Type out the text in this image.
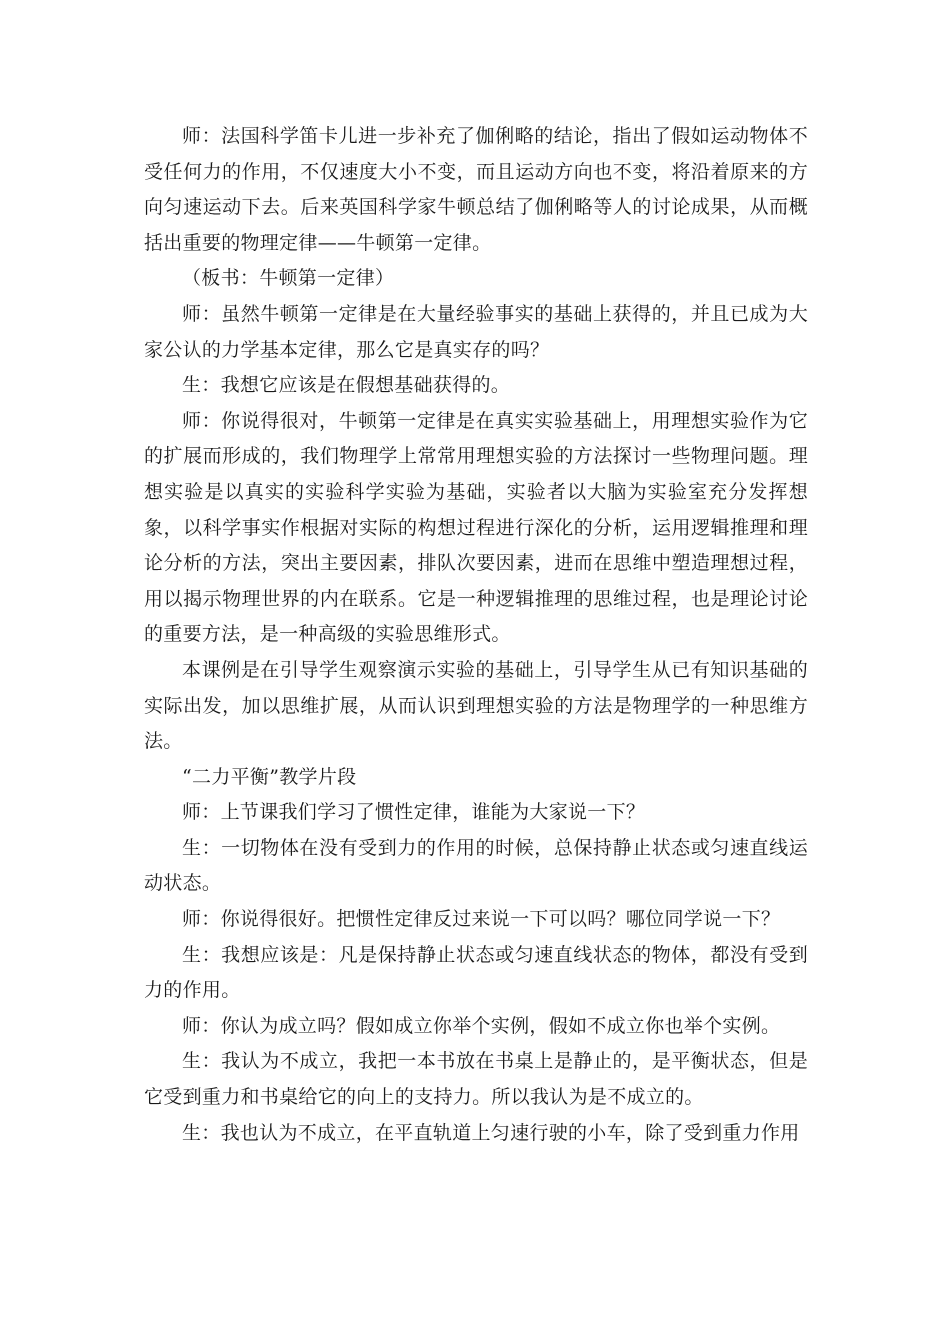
师：法国科学笛卡儿进一步补充了伽俐略的结论，指出了假如运动物体不受任何力的作用，不仅速度大小不变，而且运动方向也不变，将沿着原来的方向匀速运动下去。后来英国科学家牛顿总结了伽俐略等人的讨论成果，从而概括出重要的物理定律——牛顿第一定律。

（板书：牛顿第一定律）

师：虽然牛顿第一定律是在大量经验事实的基础上获得的，并且已成为大家公认的力学基本定律，那么它是真实存的吗？

生：我想它应该是在假想基础获得的。

师：你说得很对，牛顿第一定律是在真实实验基础上，用理想实验作为它的扩展而形成的，我们物理学上常常用理想实验的方法探讨一些物理问题。理想实验是以真实的实验科学实验为基础，实验者以大脑为实验室充分发挥想象，以科学事实作根据对实际的构想过程进行深化的分析，运用逻辑推理和理论分析的方法，突出主要因素，排队次要因素，进而在思维中塑造理想过程，用以揭示物理世界的内在联系。它是一种逻辑推理的思维过程，也是理论讨论的重要方法，是一种高级的实验思维形式。

本课例是在引导学生观察演示实验的基础上，引导学生从已有知识基础的实际出发，加以思维扩展，从而认识到理想实验的方法是物理学的一种思维方法。

“二力平衡”教学片段

师：上节课我们学习了惯性定律，谁能为大家说一下？

生：一切物体在没有受到力的作用的时候，总保持静止状态或匀速直线运动状态。

师：你说得很好。把惯性定律反过来说一下可以吗？哪位同学说一下？

生：我想应该是：凡是保持静止状态或匀速直线状态的物体，都没有受到力的作用。

师：你认为成立吗？假如成立你举个实例，假如不成立你也举个实例。

生：我认为不成立，我把一本书放在书桌上是静止的，是平衡状态，但是它受到重力和书桌给它的向上的支持力。所以我认为是不成立的。

生：我也认为不成立，在平直轨道上匀速行驶的小车，除了受到重力作用
